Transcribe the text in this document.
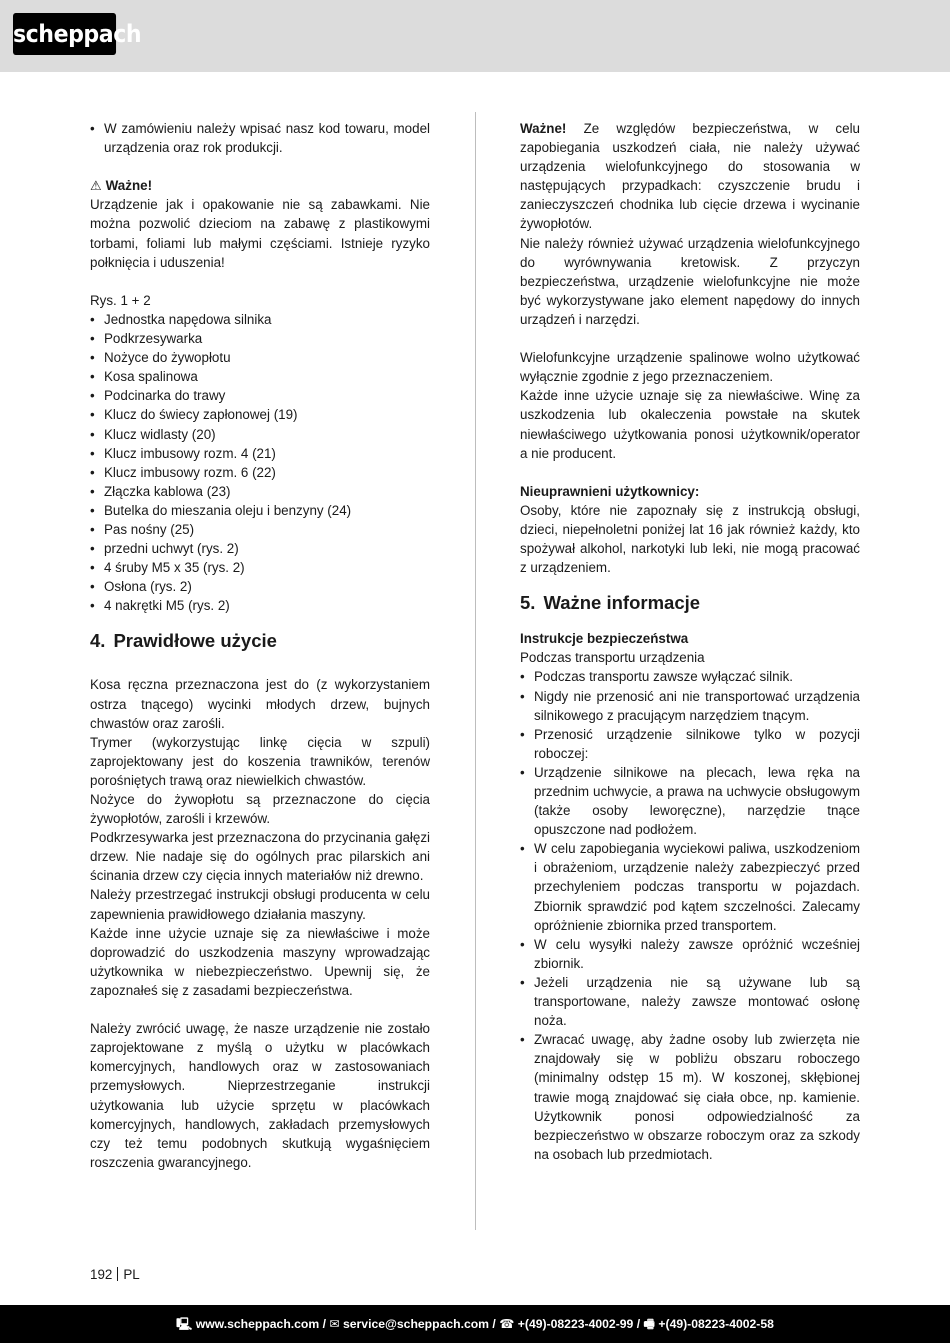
scheppach
• W zamówieniu należy wpisać nasz kod towaru, model urządzenia oraz rok produkcji.

⚠ Ważne!

Urządzenie jak i opakowanie nie są zabawkami. Nie można pozwolić dzieciom na zabawę z plastikowymi torbami, foliami lub małymi częściami. Istnieje ryzyko połknięcia i uduszenia!

Rys. 1 + 2

• Jednostka napędowa silnika
• Podkrzesywarka
• Nożyce do żywopłotu
• Kosa spalinowa
• Podcinarka do trawy
• Klucz do świecy zapłonowej (19)
• Klucz widlasty (20)
• Klucz imbusowy rozm. 4 (21)
• Klucz imbusowy rozm. 6 (22)
• Złączka kablowa (23)
• Butelka do mieszania oleju i benzyny (24)
• Pas nośny (25)
• przedni uchwyt (rys. 2)
• 4 śruby M5 x 35 (rys. 2)
• Osłona (rys. 2)
• 4 nakrętki M5 (rys. 2)
4. Prawidłowe użycie

Kosa ręczna przeznaczona jest do (z wykorzystaniem ostrza tnącego) wycinki młodych drzew, bujnych chwastów oraz zarośli.

Trymer (wykorzystując linkę cięcia w szpuli) zaprojektowany jest do koszenia trawników, terenów porośniętych trawą oraz niewielkich chwastów.

Nożyce do żywopłotu są przeznaczone do cięcia żywopłotów, zarośli i krzewów.

Podkrzesywarka jest przeznaczona do przycinania gałęzi drzew. Nie nadaje się do ogólnych prac pilarskich ani ścinania drzew czy cięcia innych materiałów niż drewno.

Należy przestrzegać instrukcji obsługi producenta w celu zapewnienia prawidłowego działania maszyny.

Każde inne użycie uznaje się za niewłaściwe i może doprowadzić do uszkodzenia maszyny wprowadzając użytkownika w niebezpieczeństwo. Upewnij się, że zapoznałeś się z zasadami bezpieczeństwa.

Należy zwrócić uwagę, że nasze urządzenie nie zostało zaprojektowane z myślą o użytku w placówkach komercyjnych, handlowych oraz w zastosowaniach przemysłowych. Nieprzestrzeganie instrukcji użytkowania lub użycie sprzętu w placówkach komercyjnych, handlowych, zakładach przemysłowych czy też temu podobnych skutkują wygaśnięciem roszczenia gwarancyjnego.

Ważne! Ze względów bezpieczeństwa, w celu zapobiegania uszkodzeń ciała, nie należy używać urządzenia wielofunkcyjnego do stosowania w następujących przypadkach: czyszczenie brudu i zanieczyszczeń chodnika lub cięcie drzewa i wycinanie żywopłotów.

Nie należy również używać urządzenia wielofunkcyjnego do wyrównywania kretowisk. Z przyczyn bezpieczeństwa, urządzenie wielofunkcyjne nie może być wykorzystywane jako element napędowy do innych urządzeń i narzędzi.

Wielofunkcyjne urządzenie spalinowe wolno użytkować wyłącznie zgodnie z jego przeznaczeniem.

Każde inne użycie uznaje się za niewłaściwe. Winę za uszkodzenia lub okaleczenia powstałe na skutek niewłaściwego użytkowania ponosi użytkownik/operator a nie producent.

Nieuprawnieni użytkownicy:

Osoby, które nie zapoznały się z instrukcją obsługi, dzieci, niepełnoletni poniżej lat 16 jak również każdy, kto spożywał alkohol, narkotyki lub leki, nie mogą pracować z urządzeniem.

5. Ważne informacje

Instrukcje bezpieczeństwa

Podczas transportu urządzenia

• Podczas transportu zawsze wyłączać silnik.
• Nigdy nie przenosić ani nie transportować urządzenia silnikowego z pracującym narzędziem tnącym.
• Przenosić urządzenie silnikowe tylko w pozycji roboczej:
• Urządzenie silnikowe na plecach, lewa ręka na przednim uchwycie, a prawa na uchwycie obsługowym (także osoby leworęczne), narzędzie tnące opuszczone nad podłożem.
• W celu zapobiegania wyciekowi paliwa, uszkodzeniom i obrażeniom, urządzenie należy zabezpieczyć przed przechyleniem podczas transportu w pojazdach. Zbiornik sprawdzić pod kątem szczelności. Zalecamy opróżnienie zbiornika przed transportem.
• W celu wysyłki należy zawsze opróżnić wcześniej zbiornik.
• Jeżeli urządzenia nie są używane lub są transportowane, należy zawsze montować osłonę noża.
• Zwracać uwagę, aby żadne osoby lub zwierzęta nie znajdowały się w pobliżu obszaru roboczego (minimalny odstęp 15 m). W koszonej, skłębionej trawie mogą znajdować się ciała obce, np. kamienie. Użytkownik ponosi odpowiedzialność za bezpieczeństwo w obszarze roboczym oraz za szkody na osobach lub przedmiotach.
192 PL
🖳 www.scheppach.com / ✉ service@scheppach.com / ☎ +(49)-08223-4002-99 / 🖷 +(49)-08223-4002-58
